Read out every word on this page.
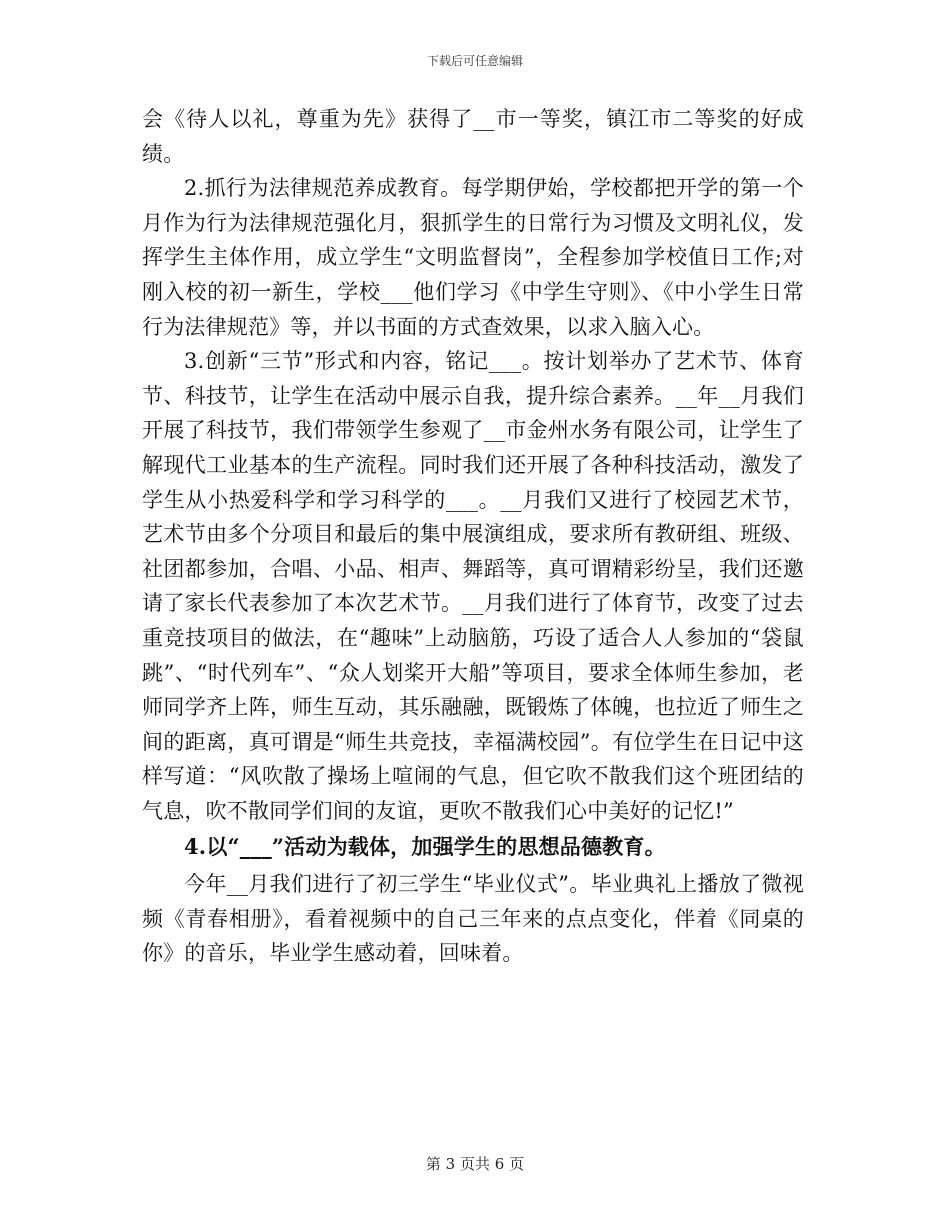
下载后可任意编辑

会《待人以礼，尊重为先》获得了__市一等奖，镇江市二等奖的好成绩。

2.抓行为法律规范养成教育。每学期伊始，学校都把开学的第一个月作为行为法律规范强化月，狠抓学生的日常行为习惯及文明礼仪，发挥学生主体作用，成立学生“文明监督岗”，全程参加学校值日工作;对刚入校的初一新生，学校___他们学习《中学生守则》、《中小学生日常行为法律规范》等，并以书面的方式查效果，以求入脑入心。

3.创新“三节”形式和内容，铭记___。按计划举办了艺术节、体育节、科技节，让学生在活动中展示自我，提升综合素养。__年__月我们开展了科技节，我们带领学生参观了__市金州水务有限公司，让学生了解现代工业基本的生产流程。同时我们还开展了各种科技活动，激发了学生从小热爱科学和学习科学的___。__月我们又进行了校园艺术节，艺术节由多个分项目和最后的集中展演组成，要求所有教研组、班级、社团都参加，合唱、小品、相声、舞蹈等，真可谓精彩纷呈，我们还邀请了家长代表参加了本次艺术节。__月我们进行了体育节，改变了过去重竞技项目的做法，在“趣味”上动脑筋，巧设了适合人人参加的“袋鼠跳”、“时代列车”、“众人划桨开大船”等项目，要求全体师生参加，老师同学齐上阵，师生互动，其乐融融，既锻炼了体魄，也拉近了师生之间的距离，真可谓是“师生共竞技，幸福满校园”。有位学生在日记中这样写道：“风吹散了操场上喧闹的气息，但它吹不散我们这个班团结的气息，吹不散同学们间的友谊，更吹不散我们心中美好的记忆!”

4.以“___”活动为载体，加强学生的思想品德教育。

今年__月我们进行了初三学生“毕业仪式”。毕业典礼上播放了微视频《青春相册》，看着视频中的自己三年来的点点变化，伴着《同桌的你》的音乐，毕业学生感动着，回味着。

第 3 页共 6 页
